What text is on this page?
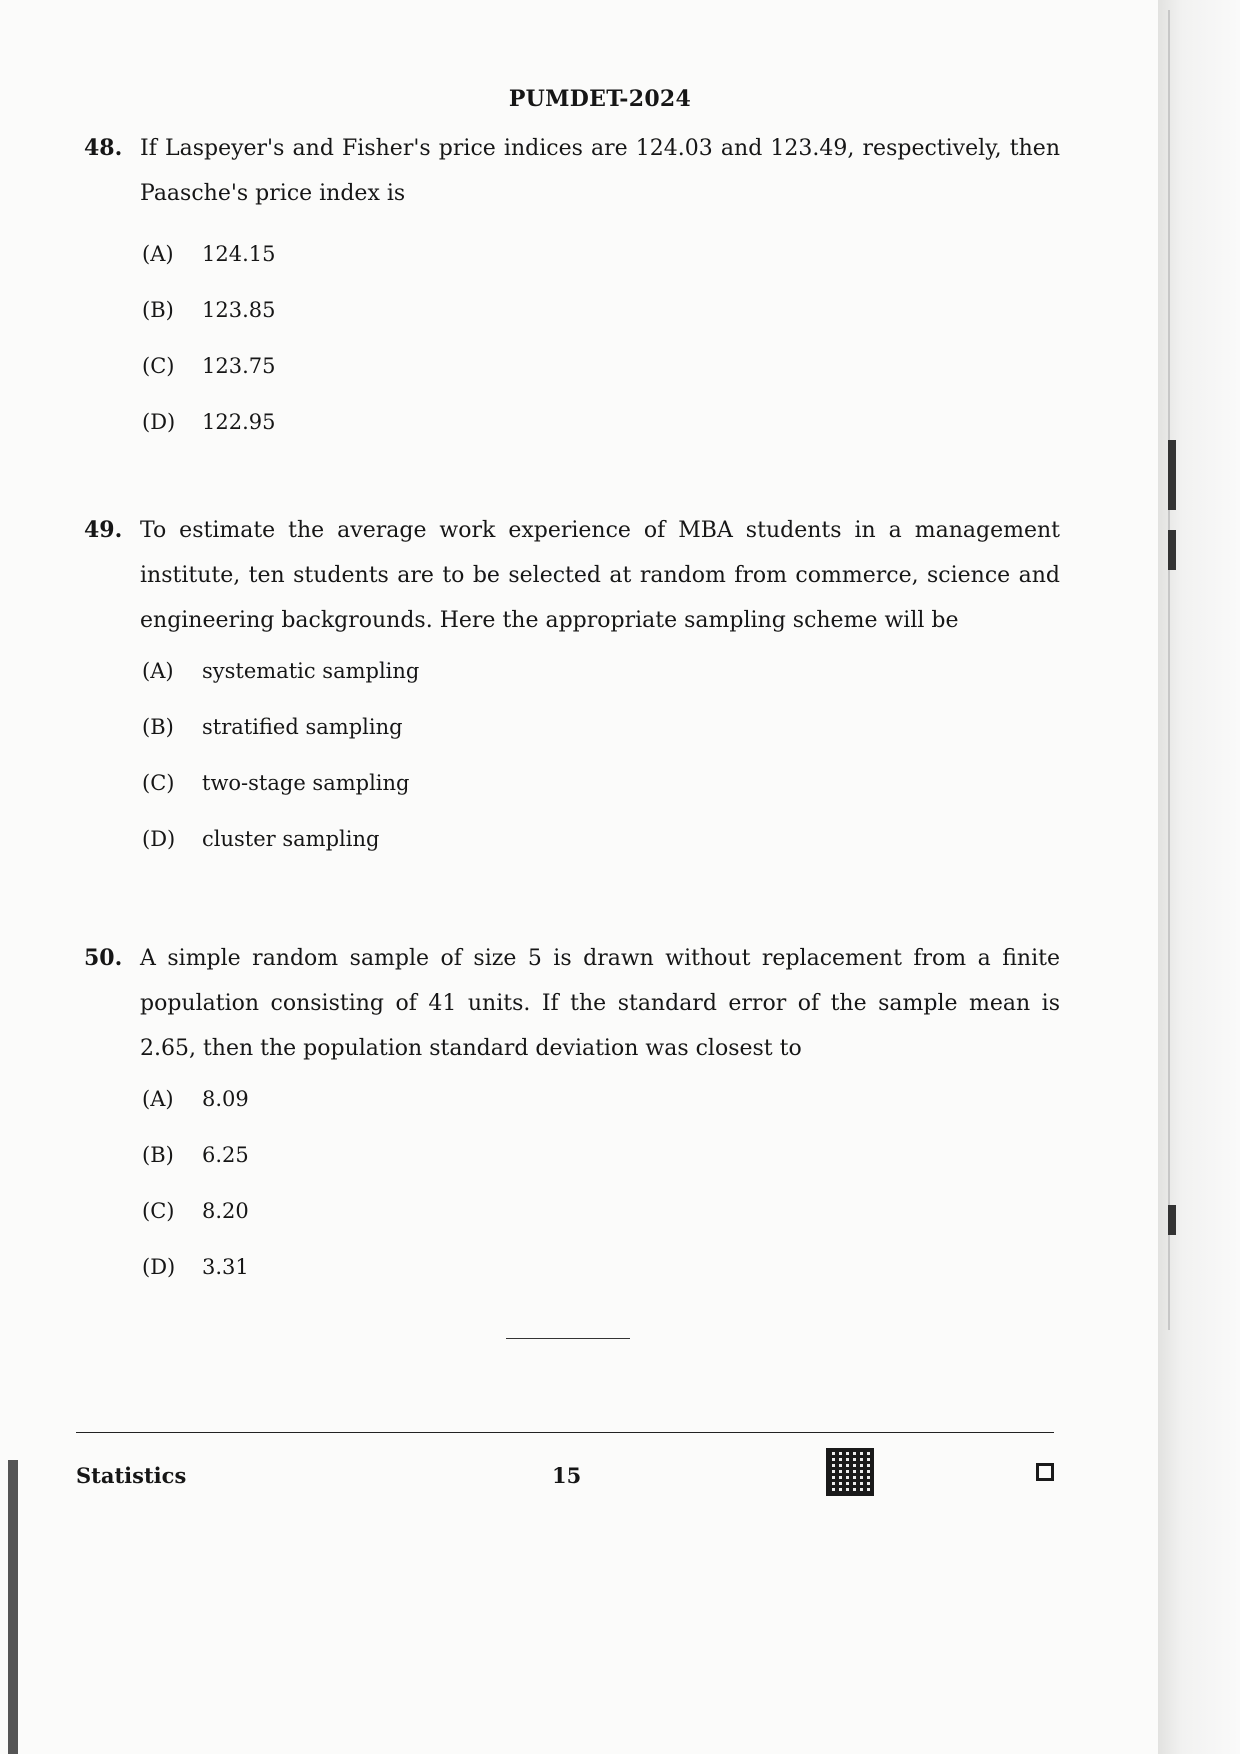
PUMDET-2024
48. If Laspeyer's and Fisher's price indices are 124.03 and 123.49, respectively, then Paasche's price index is
(A)	124.15
(B)	123.85
(C)	123.75
(D)	122.95
49. To estimate the average work experience of MBA students in a management institute, ten students are to be selected at random from commerce, science and engineering backgrounds. Here the appropriate sampling scheme will be
(A)	systematic sampling
(B)	stratified sampling
(C)	two-stage sampling
(D)	cluster sampling
50. A simple random sample of size 5 is drawn without replacement from a finite population consisting of 41 units. If the standard error of the sample mean is 2.65, then the population standard deviation was closest to
(A)	8.09
(B)	6.25
(C)	8.20
(D)	3.31
Statistics	15
